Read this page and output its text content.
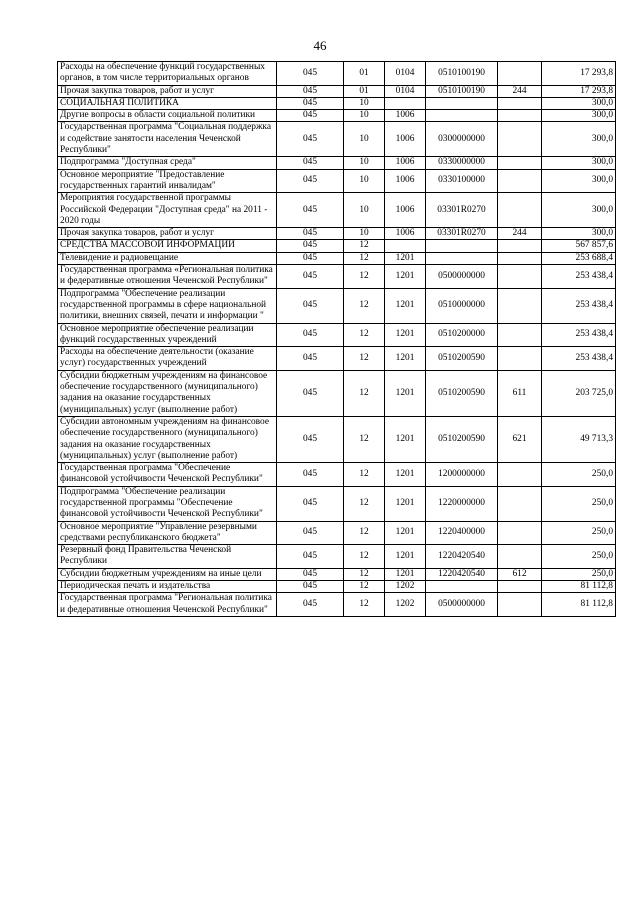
46
Расходы на обеспечение функций государственных органов, в том числе территориальных органов	045	01	0104	0510100190		17 293,8
Прочая закупка товаров, работ и услуг	045	01	0104	0510100190	244	17 293,8
СОЦИАЛЬНАЯ ПОЛИТИКА	045	10				300,0
Другие вопросы в области социальной политики	045	10	1006			300,0
Государственная программа "Социальная поддержка и содействие занятости населения Чеченской Республики"	045	10	1006	0300000000		300,0
Подпрограмма "Доступная среда"	045	10	1006	0330000000		300,0
Основное мероприятие "Предоставление государственных гарантий инвалидам"	045	10	1006	0330100000		300,0
Мероприятия государственной программы Российской Федерации "Доступная среда" на 2011 - 2020 годы	045	10	1006	03301R0270		300,0
Прочая закупка товаров, работ и услуг	045	10	1006	03301R0270	244	300,0
СРЕДСТВА МАССОВОЙ ИНФОРМАЦИИ	045	12				567 857,6
Телевидение и радиовещание	045	12	1201			253 688,4
Государственная программа «Региональная политика и федеративные отношения Чеченской Республики"	045	12	1201	0500000000		253 438,4
Подпрограмма "Обеспечение реализации государственной программы в сфере национальной политики, внешних связей, печати и информации "	045	12	1201	0510000000		253 438,4
Основное мероприятие обеспечение реализации функций государственных учреждений	045	12	1201	0510200000		253 438,4
Расходы на обеспечение деятельности (оказание услуг) государственных учреждений	045	12	1201	0510200590		253 438,4
Субсидии бюджетным учреждениям на финансовое обеспечение государственного (муниципального) задания на оказание государственных (муниципальных) услуг (выполнение работ)	045	12	1201	0510200590	611	203 725,0
Субсидии автономным учреждениям на финансовое обеспечение государственного (муниципального) задания на оказание государственных (муниципальных) услуг (выполнение работ)	045	12	1201	0510200590	621	49 713,3
Государственная программа "Обеспечение финансовой устойчивости Чеченской Республики"	045	12	1201	1200000000		250,0
Подпрограмма "Обеспечение реализации государственной программы "Обеспечение финансовой устойчивости Чеченской Республики"	045	12	1201	1220000000		250,0
Основное мероприятие "Управление резервными средствами республиканского бюджета"	045	12	1201	1220400000		250,0
Резервный фонд Правительства Чеченской Республики	045	12	1201	1220420540		250,0
Субсидии бюджетным учреждениям на иные цели	045	12	1201	1220420540	612	250,0
Периодическая печать и издательства	045	12	1202			81 112,8
Государственная программа "Региональная политика и федеративные отношения Чеченской Республики"	045	12	1202	0500000000		81 112,8
